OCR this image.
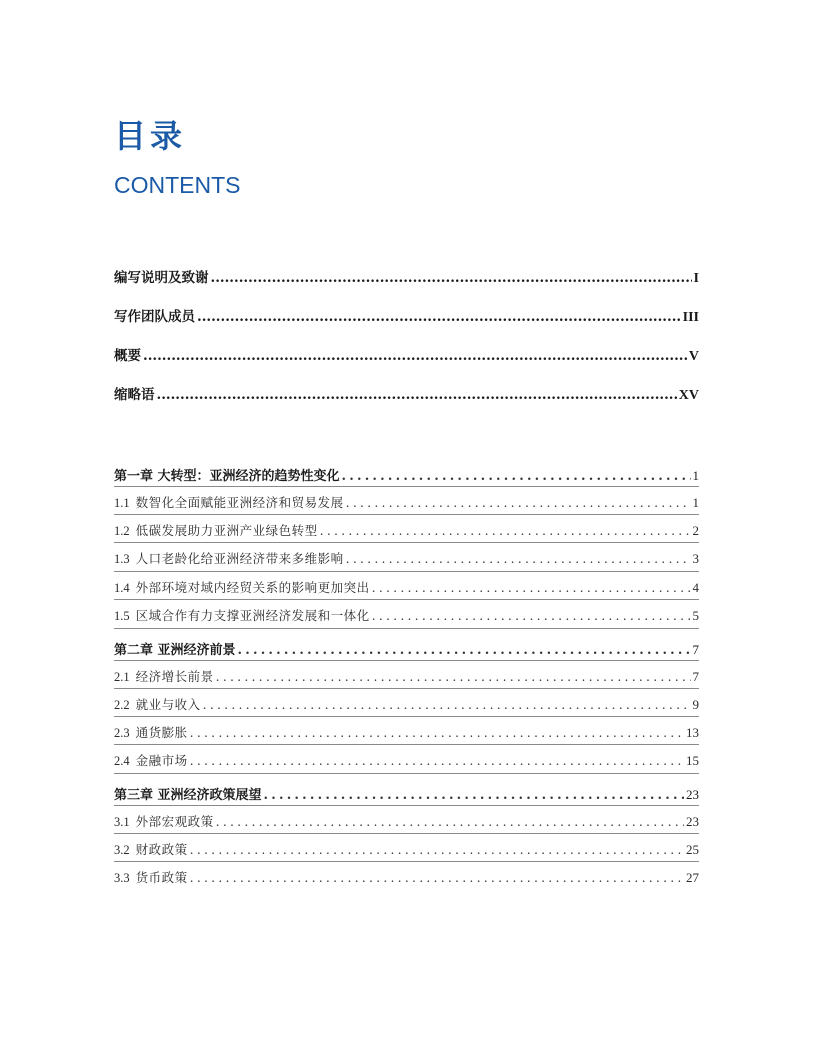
目录
CONTENTS
编写说明及致谢 .....	I
写作团队成员 .....	III
概要 .....	V
缩略语 .....	XV
第一章 大转型：亚洲经济的趋势性变化 .....	1
1.1 数智化全面赋能亚洲经济和贸易发展 .....	1
1.2 低碳发展助力亚洲产业绿色转型 .....	2
1.3 人口老龄化给亚洲经济带来多维影响 .....	3
1.4 外部环境对域内经贸关系的影响更加突出 .....	4
1.5 区域合作有力支撑亚洲经济发展和一体化 .....	5
第二章 亚洲经济前景 .....	7
2.1 经济增长前景 .....	7
2.2 就业与收入 .....	9
2.3 通货膨胀 .....	13
2.4 金融市场 .....	15
第三章 亚洲经济政策展望 .....	23
3.1 外部宏观政策 .....	23
3.2 财政政策 .....	25
3.3 货币政策 .....	27
